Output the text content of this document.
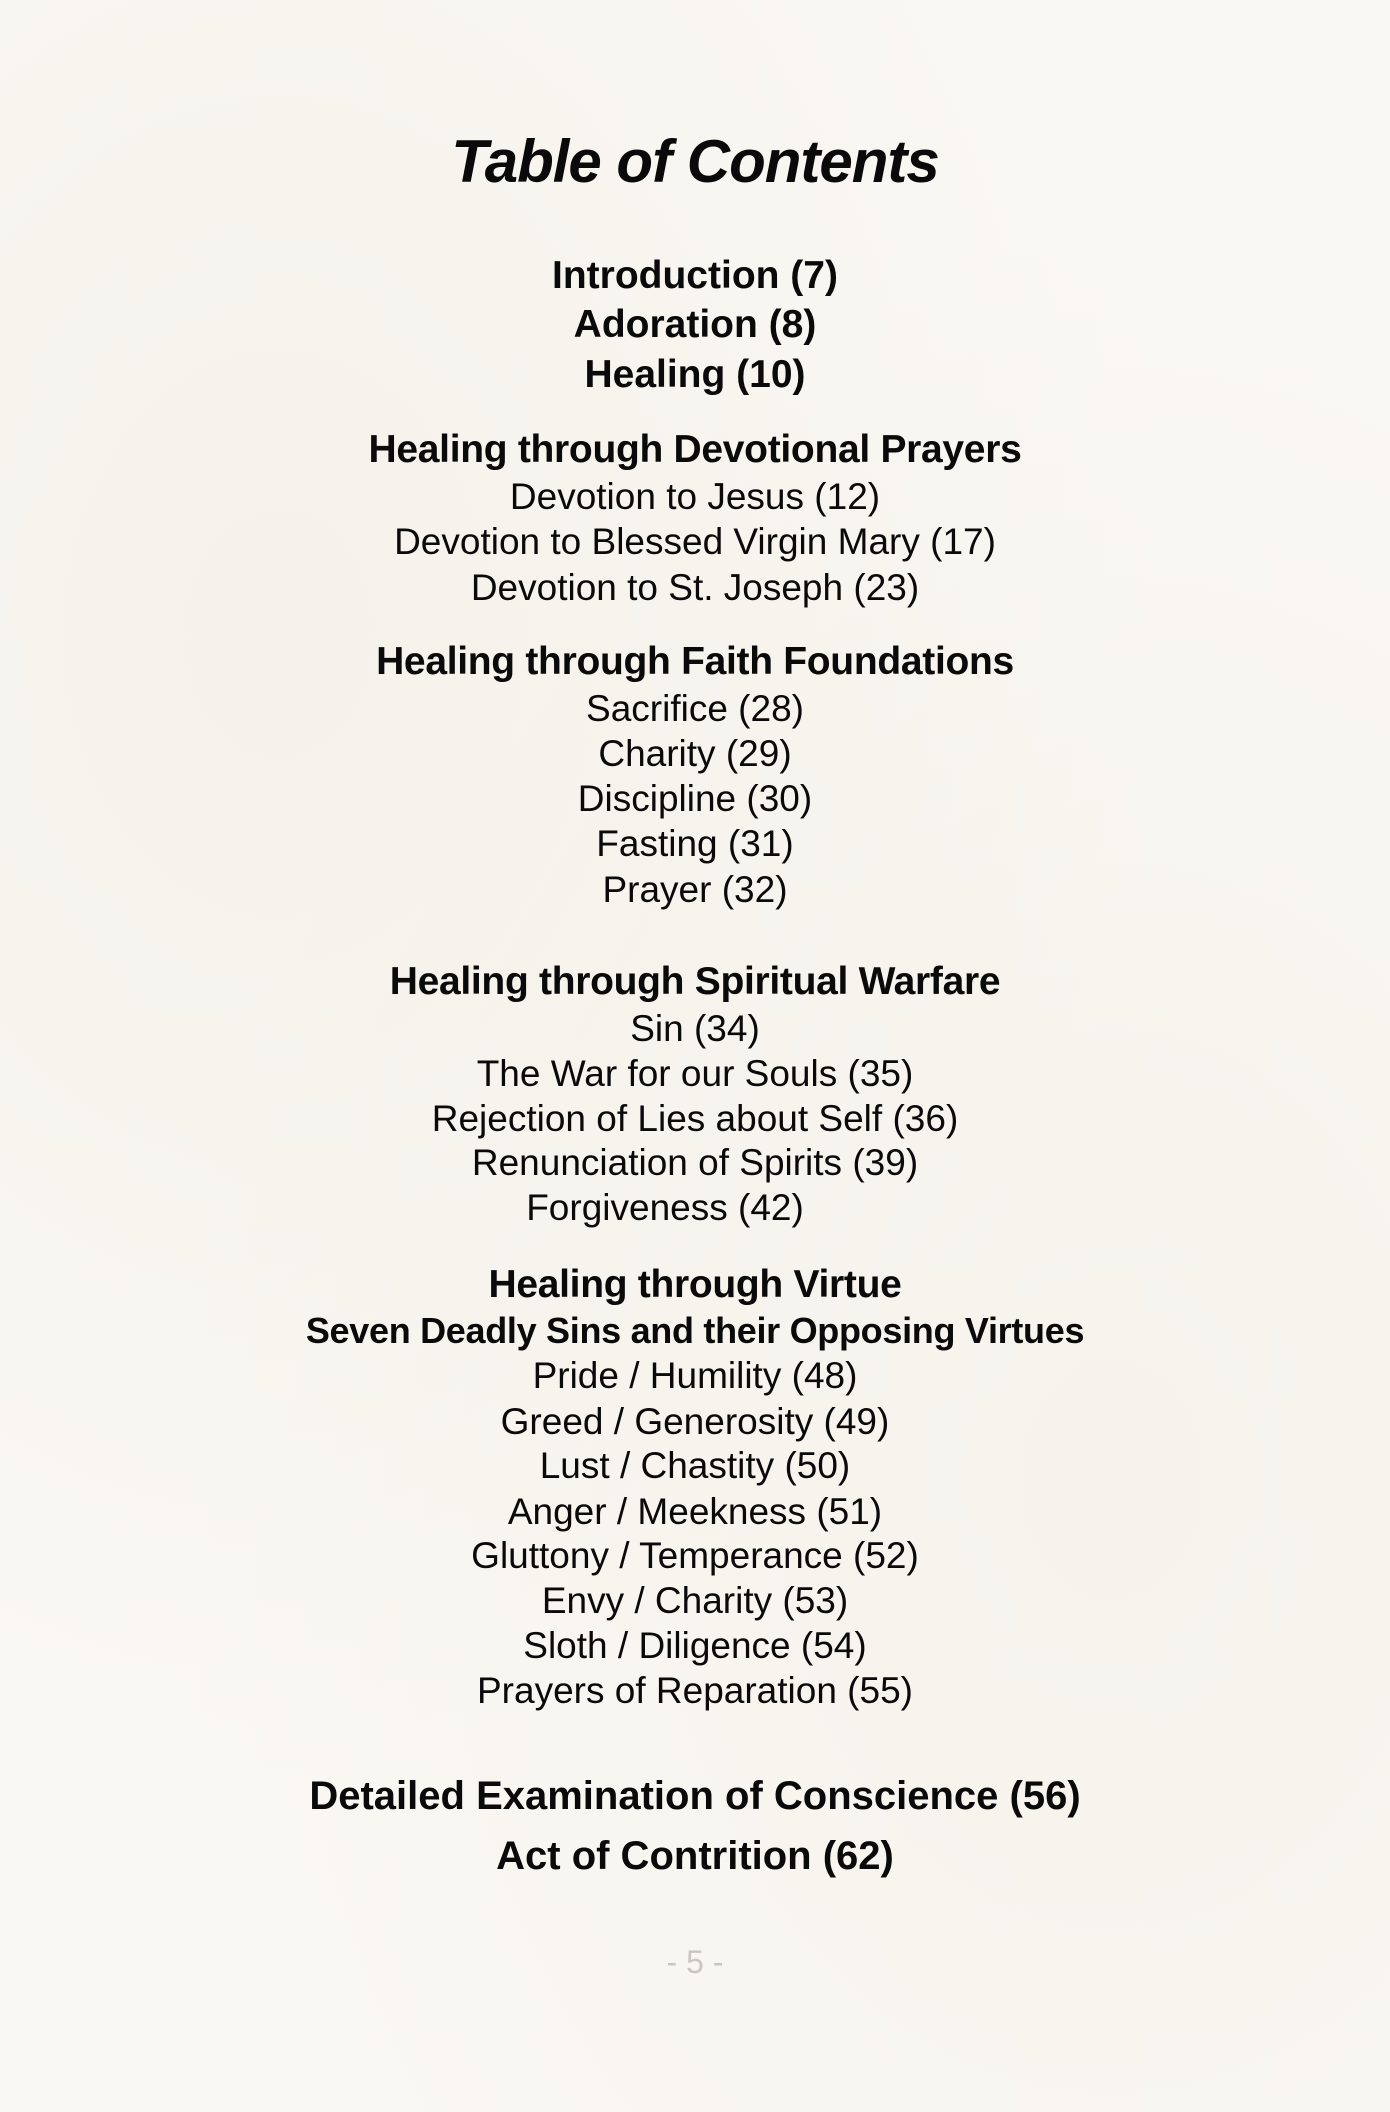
Table of Contents

Introduction (7)

Adoration (8)

Healing (10)

Healing through Devotional Prayers

Devotion to Jesus (12)

Devotion to Blessed Virgin Mary (17)

Devotion to St. Joseph (23)

Healing through Faith Foundations

Sacrifice (28)

Charity (29)

Discipline (30)

Fasting (31)

Prayer (32)

Healing through Spiritual Warfare

Sin (34)

The War for our Souls (35)

Rejection of Lies about Self (36)

Renunciation of Spirits (39)

Forgiveness (42)

Healing through Virtue
Seven Deadly Sins and their Opposing Virtues

Pride / Humility (48)

Greed / Generosity (49)

Lust / Chastity (50)

Anger / Meekness (51)

Gluttony / Temperance (52)

Envy / Charity (53)

Sloth / Diligence (54)

Prayers of Reparation (55)

Detailed Examination of Conscience (56)

Act of Contrition (62)

- 5 -
